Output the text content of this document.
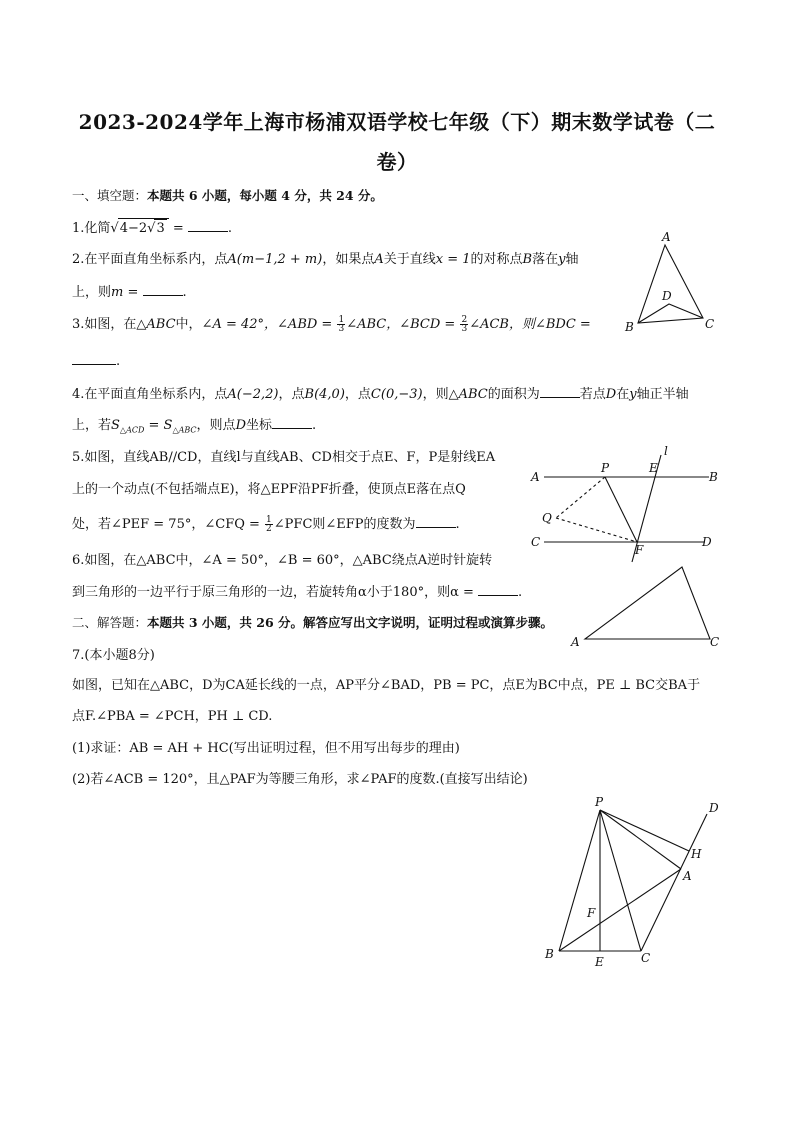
2023-2024学年上海市杨浦双语学校七年级（下）期末数学试卷（二
卷）
一、填空题：本题共 6 小题，每小题 4 分，共 24 分。
1.化简√4−2√3 =	.
2.在平面直角坐标系内，点A(m−1,2 + m)，如果点A关于直线x = 1的对称点B落在y轴
上，则m =	.
3.如图，在△ABC中，∠A = 42°，∠ABD = $\frac{1}{3}$ ∠ABC，∠BCD = $\frac{2}{3}$ ∠ACB，则∠BDC =
.
4.在平面直角坐标系内，点A(−2,2)，点B(4,0)，点C(0,−3)，则△ABC的面积为	若点D在y轴正半轴
上，若$S_{\triangle ACD} = S_{\triangle ABC}$，则点D坐标	.
5.如图，直线AB//CD，直线l与直线AB、CD相交于点E、F，P是射线EA
上的一个动点(不包括端点E)，将△EPF沿PF折叠，使顶点E落在点Q
处，若∠PEF = 75°，∠CFQ = $\frac{1}{2}$ ∠PFC则∠EFP的度数为	.
6.如图，在△ABC中，∠A = 50°，∠B = 60°，△ABC绕点A逆时针旋转
到三角形的一边平行于原三角形的一边，若旋转角α小于180°，则α =	.
二、解答题：本题共 3 小题，共 26 分。解答应写出文字说明，证明过程或演算步骤。
7.(本小题8分)
如图，已知在△ABC，D为CA延长线的一点，AP平分∠BAD，PB = PC，点E为BC中点，PE ⊥ BC交BA于
点F.∠PBA = ∠PCH，PH ⊥ CD.
(1)求证：AB = AH + HC(写出证明过程，但不用写出每步的理由)
(2)若∠ACB = 120°，且△PAF为等腰三角形，求∠PAF的度数.(直接写出结论)
A
B	C
D
A	B
C	D
P	E
l
Q
F
A	C
P	D
H
A
F
B
E	C
